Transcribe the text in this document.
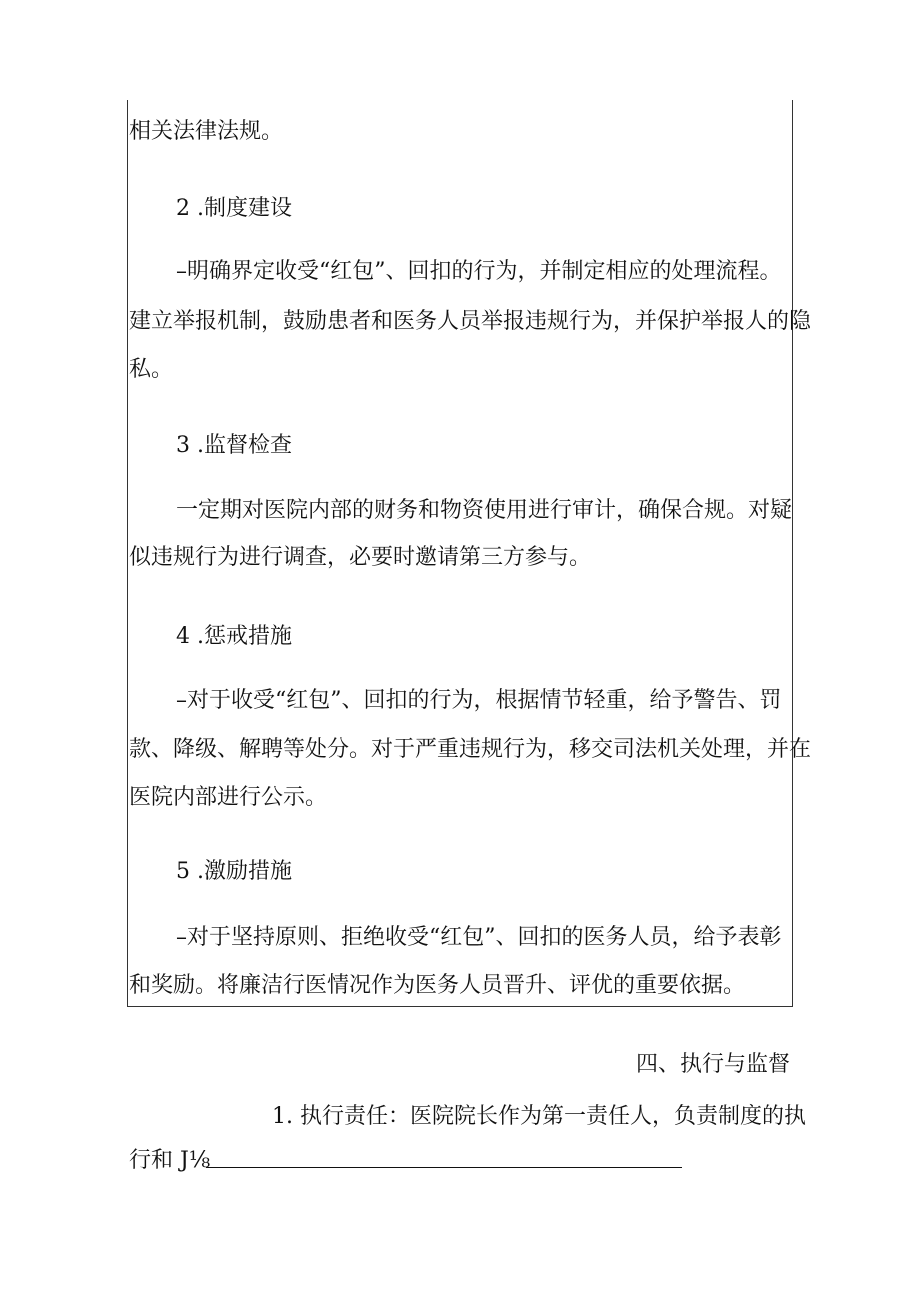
相关法律法规。
2 .制度建设
–明确界定收受“红包”、回扣的行为，并制定相应的处理流程。
建立举报机制，鼓励患者和医务人员举报违规行为，并保护举报人的隐
私。
3 .监督检查
一定期对医院内部的财务和物资使用进行审计，确保合规。对疑
似违规行为进行调查，必要时邀请第三方参与。
4 .惩戒措施
–对于收受“红包”、回扣的行为，根据情节轻重，给予警告、罚
款、降级、解聘等处分。对于严重违规行为，移交司法机关处理，并在
医院内部进行公示。
5 .激励措施
–对于坚持原则、拒绝收受“红包”、回扣的医务人员，给予表彰
和奖励。将廉洁行医情况作为医务人员晋升、评优的重要依据。
四、执行与监督
1. 执行责任：医院院长作为第一责任人，负责制度的执
行和 J⅛
